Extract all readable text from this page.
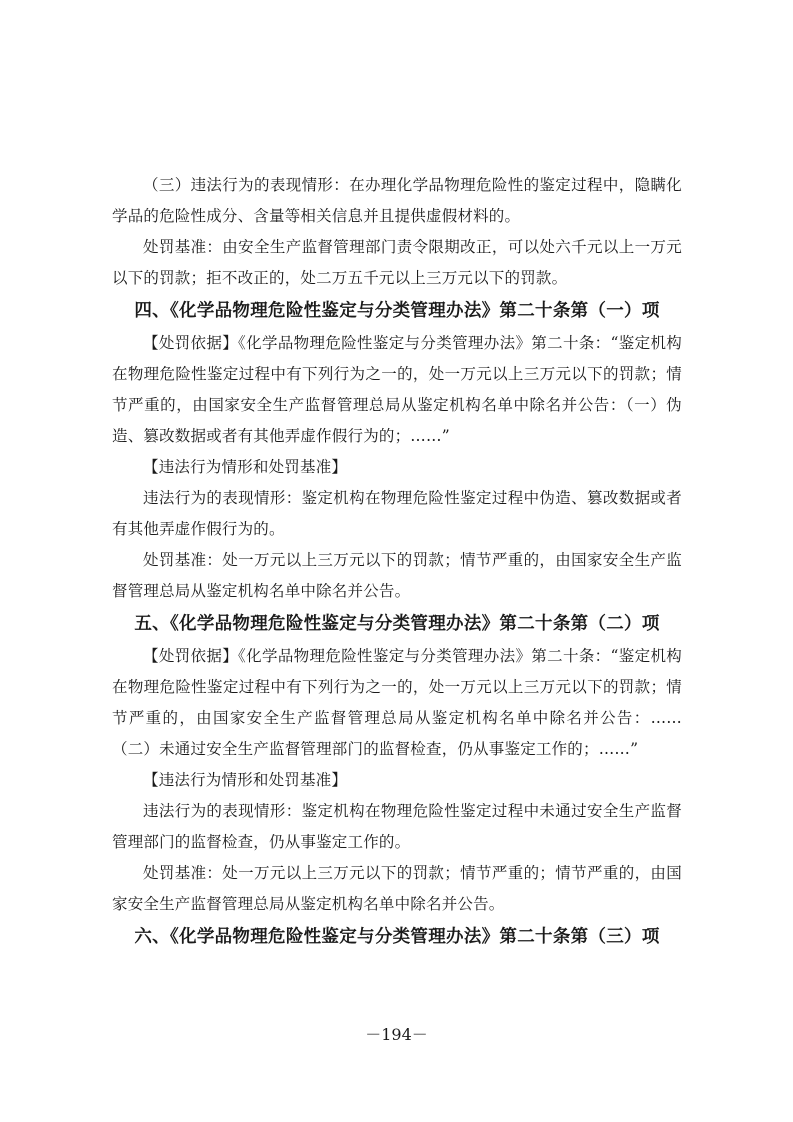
（三）违法行为的表现情形：在办理化学品物理危险性的鉴定过程中，隐瞒化学品的危险性成分、含量等相关信息并且提供虚假材料的。

处罚基准：由安全生产监督管理部门责令限期改正，可以处六千元以上一万元以下的罚款；拒不改正的，处二万五千元以上三万元以下的罚款。

四、《化学品物理危险性鉴定与分类管理办法》第二十条第（一）项

【处罚依据】《化学品物理危险性鉴定与分类管理办法》第二十条：“鉴定机构在物理危险性鉴定过程中有下列行为之一的，处一万元以上三万元以下的罚款；情节严重的，由国家安全生产监督管理总局从鉴定机构名单中除名并公告：（一）伪造、篡改数据或者有其他弄虚作假行为的；……”

【违法行为情形和处罚基准】

违法行为的表现情形：鉴定机构在物理危险性鉴定过程中伪造、篡改数据或者有其他弄虚作假行为的。

处罚基准：处一万元以上三万元以下的罚款；情节严重的，由国家安全生产监督管理总局从鉴定机构名单中除名并公告。

五、《化学品物理危险性鉴定与分类管理办法》第二十条第（二）项

【处罚依据】《化学品物理危险性鉴定与分类管理办法》第二十条：“鉴定机构在物理危险性鉴定过程中有下列行为之一的，处一万元以上三万元以下的罚款；情节严重的，由国家安全生产监督管理总局从鉴定机构名单中除名并公告：……（二）未通过安全生产监督管理部门的监督检查，仍从事鉴定工作的；……”

【违法行为情形和处罚基准】

违法行为的表现情形：鉴定机构在物理危险性鉴定过程中未通过安全生产监督管理部门的监督检查，仍从事鉴定工作的。

处罚基准：处一万元以上三万元以下的罚款；情节严重的；情节严重的，由国家安全生产监督管理总局从鉴定机构名单中除名并公告。

六、《化学品物理危险性鉴定与分类管理办法》第二十条第（三）项

－194－
